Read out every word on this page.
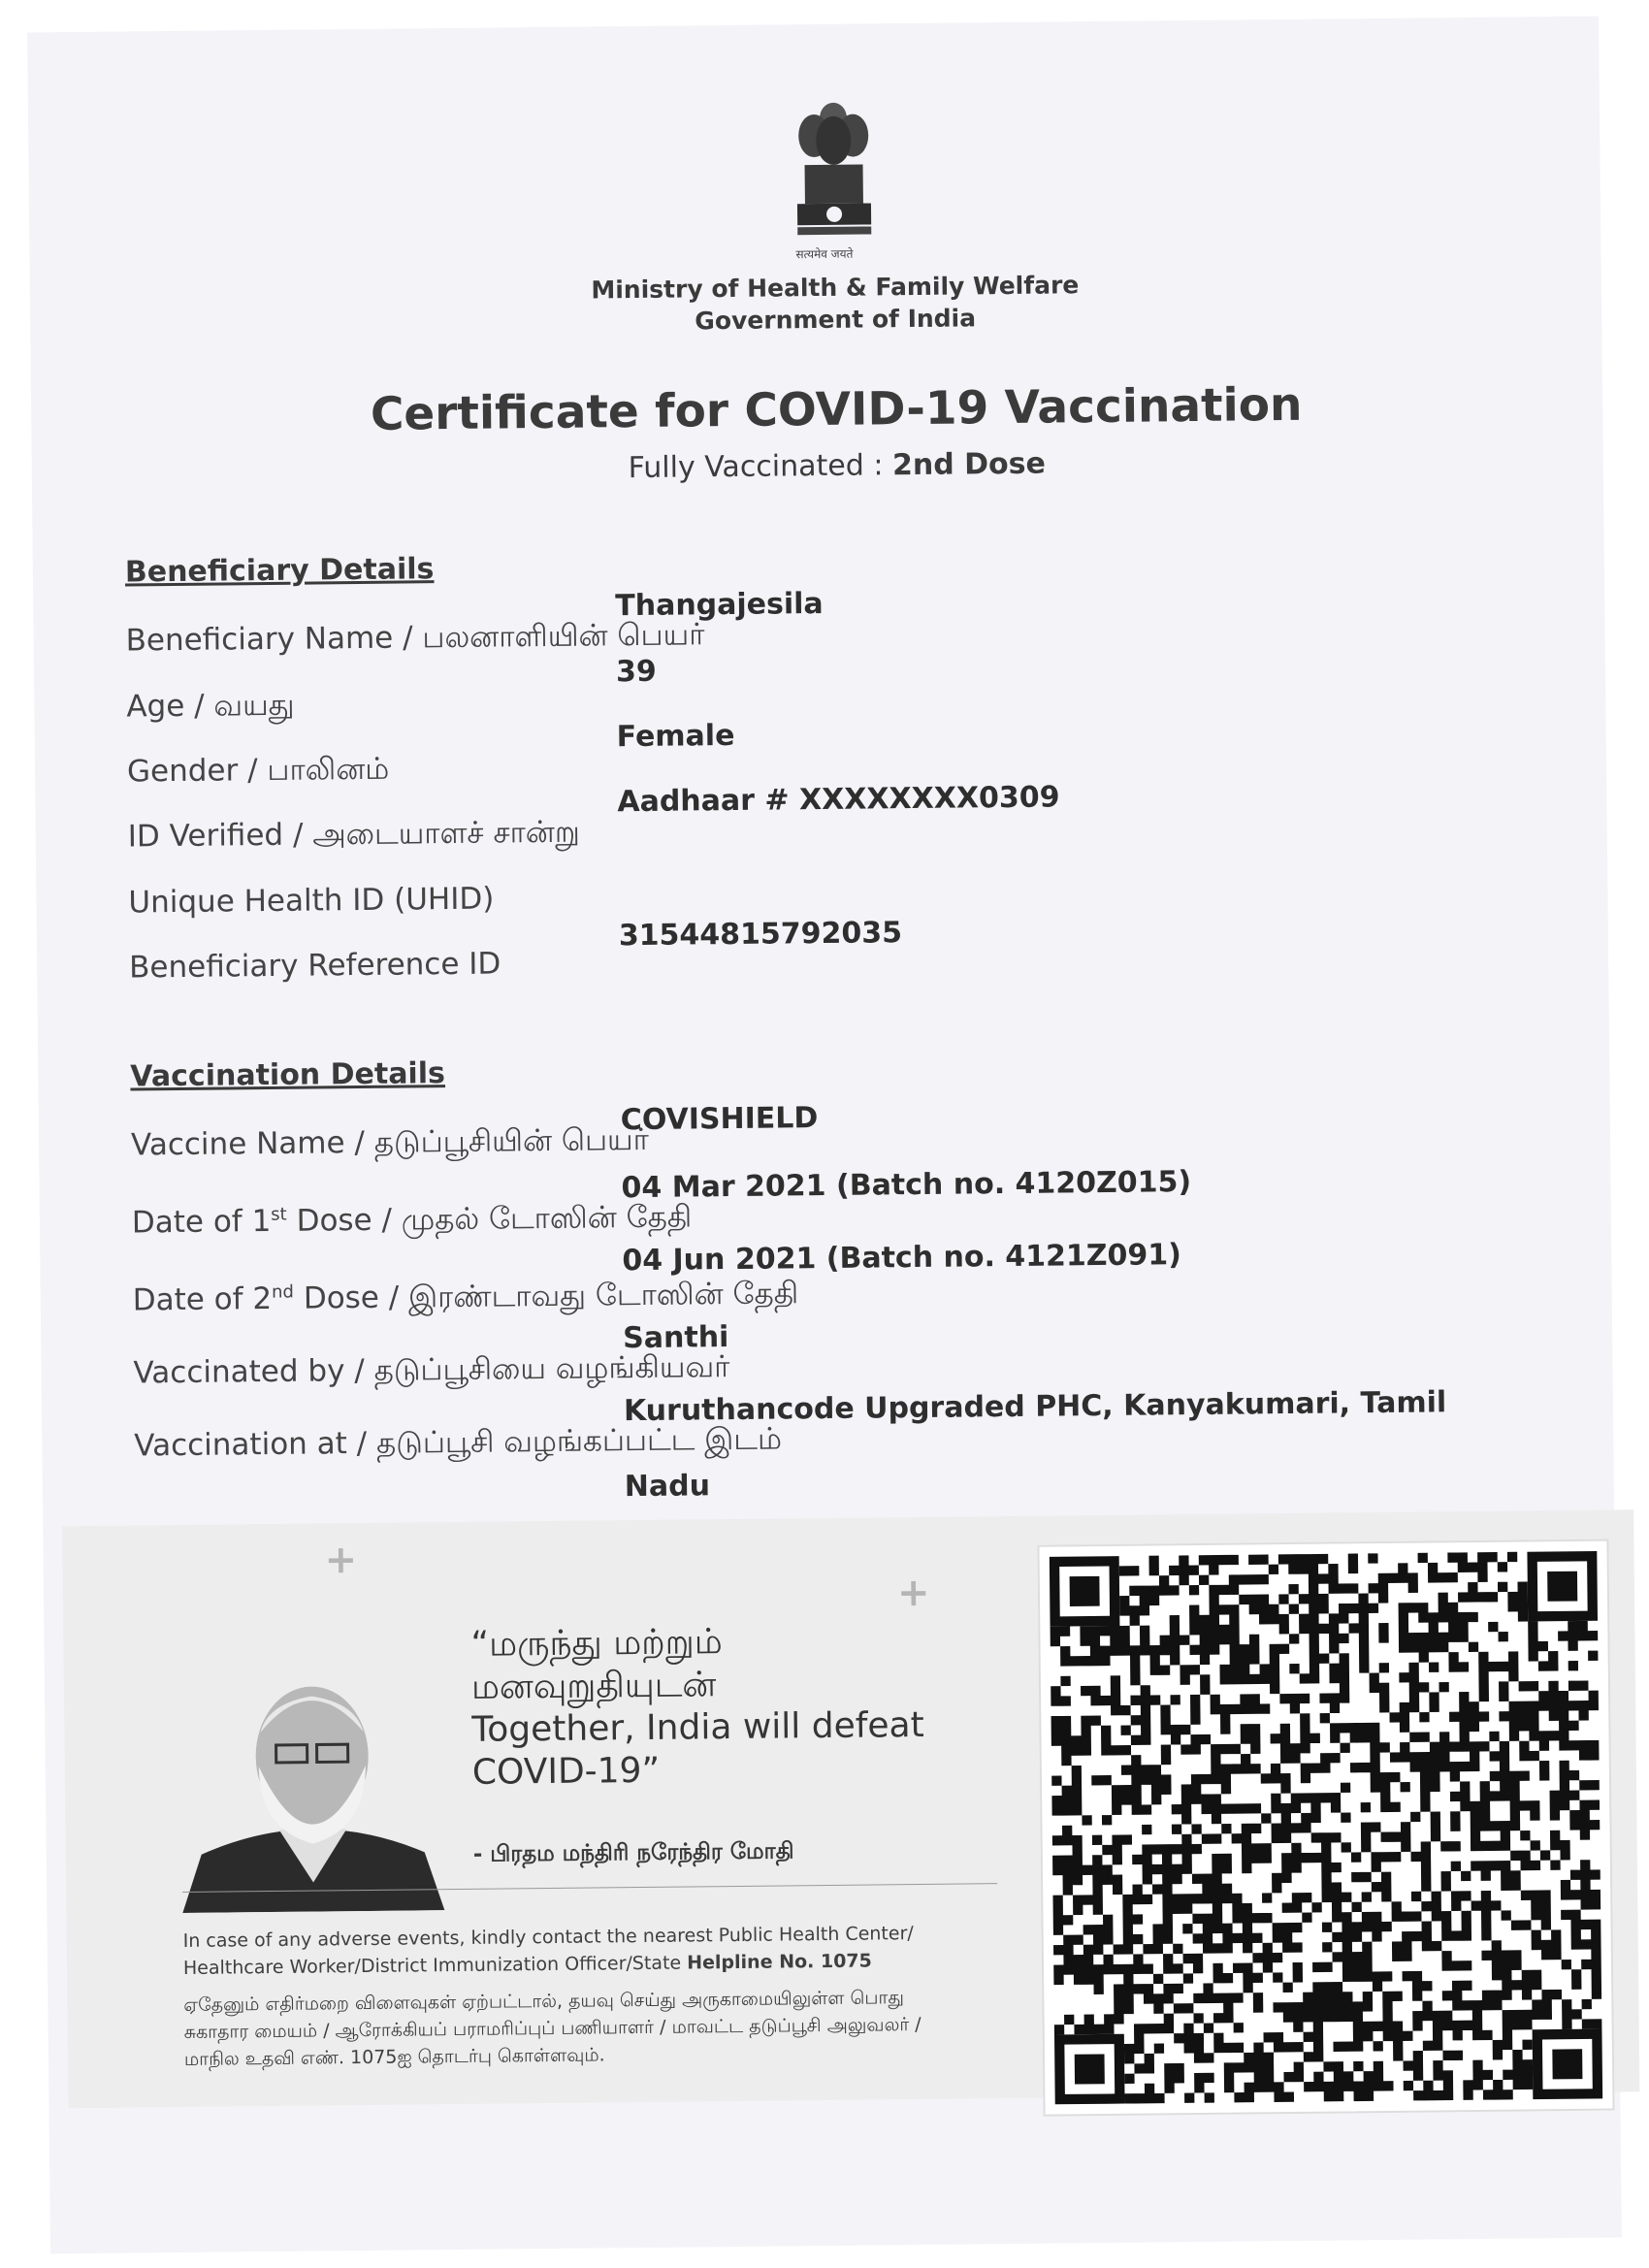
सत्यमेव जयते
Ministry of Health & Family Welfare
Government of India
Certificate for COVID-19 Vaccination
Fully Vaccinated : 2nd Dose
Beneficiary Details
Beneficiary Name / பலனாளியின் பெயர்
Thangajesila
Age / வயது
39
Gender / பாலினம்
Female
ID Verified / அடையாளச் சான்று
Aadhaar # XXXXXXXX0309
Unique Health ID (UHID)
Beneficiary Reference ID
31544815792035
Vaccination Details
Vaccine Name / தடுப்பூசியின் பெயர்
COVISHIELD
Date of 1st Dose / முதல் டோஸின் தேதி
04 Mar 2021 (Batch no. 4120Z015)
Date of 2nd Dose / இரண்டாவது டோஸின் தேதி
04 Jun 2021 (Batch no. 4121Z091)
Vaccinated by / தடுப்பூசியை வழங்கியவர்
Santhi
Vaccination at / தடுப்பூசி வழங்கப்பட்ட இடம்
Kuruthancode Upgraded PHC, Kanyakumari, Tamil
Nadu
+
+
“மருந்து மற்றும்
மனவுறுதியுடன்
Together, India will defeat
COVID-19”
- பிரதம மந்திரி நரேந்திர மோதி
In case of any adverse events, kindly contact the nearest Public Health Center/
Healthcare Worker/District Immunization Officer/State Helpline No. 1075
ஏதேனும் எதிர்மறை விளைவுகள் ஏற்பட்டால், தயவு செய்து அருகாமையிலுள்ள பொது
சுகாதார மையம் / ஆரோக்கியப் பராமரிப்புப் பணியாளர் / மாவட்ட தடுப்பூசி அலுவலர் /
மாநில உதவி எண். 1075ஐ தொடர்பு கொள்ளவும்.
